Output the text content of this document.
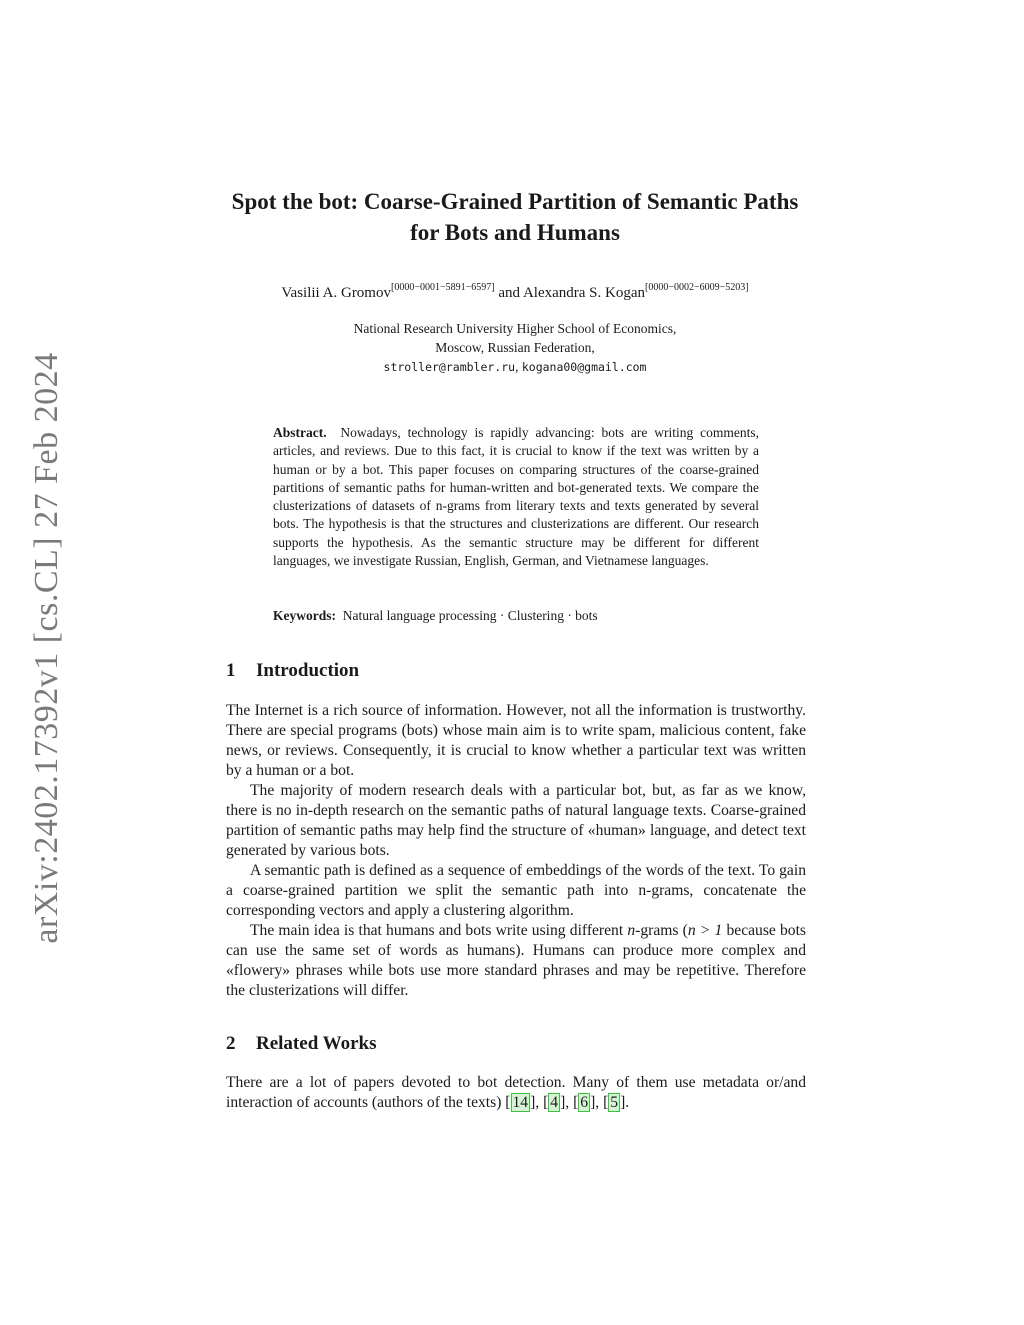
arXiv:2402.17392v1 [cs.CL] 27 Feb 2024
Spot the bot: Coarse-Grained Partition of Semantic Paths
for Bots and Humans
Vasilii A. Gromov[0000−0001−5891−6597] and Alexandra S. Kogan[0000−0002−6009−5203]
National Research University Higher School of Economics,
Moscow, Russian Federation,
stroller@rambler.ru, kogana00@gmail.com
Abstract. Nowadays, technology is rapidly advancing: bots are writing comments, articles, and reviews. Due to this fact, it is crucial to know if the text was written by a human or by a bot. This paper focuses on comparing structures of the coarse-grained partitions of semantic paths for human-written and bot-generated texts. We compare the clusterizations of datasets of n-grams from literary texts and texts generated by several bots. The hypothesis is that the structures and clusterizations are different. Our research supports the hypothesis. As the semantic structure may be different for different languages, we investigate Russian, English, German, and Vietnamese languages.
Keywords: Natural language processing · Clustering · bots
1 Introduction

The Internet is a rich source of information. However, not all the information is trustworthy. There are special programs (bots) whose main aim is to write spam, malicious content, fake news, or reviews. Consequently, it is crucial to know whether a particular text was written by a human or a bot.

The majority of modern research deals with a particular bot, but, as far as we know, there is no in-depth research on the semantic paths of natural language texts. Coarse-grained partition of semantic paths may help find the structure of «human» language, and detect text generated by various bots.

A semantic path is defined as a sequence of embeddings of the words of the text. To gain a coarse-grained partition we split the semantic path into n-grams, concatenate the corresponding vectors and apply a clustering algorithm.

The main idea is that humans and bots write using different n-grams (n > 1 because bots can use the same set of words as humans). Humans can produce more complex and «flowery» phrases while bots use more standard phrases and may be repetitive. Therefore the clusterizations will differ.

2 Related Works

There are a lot of papers devoted to bot detection. Many of them use metadata or/and interaction of accounts (authors of the texts) [ 14 ], [ 4 ], [ 6 ], [ 5 ].
